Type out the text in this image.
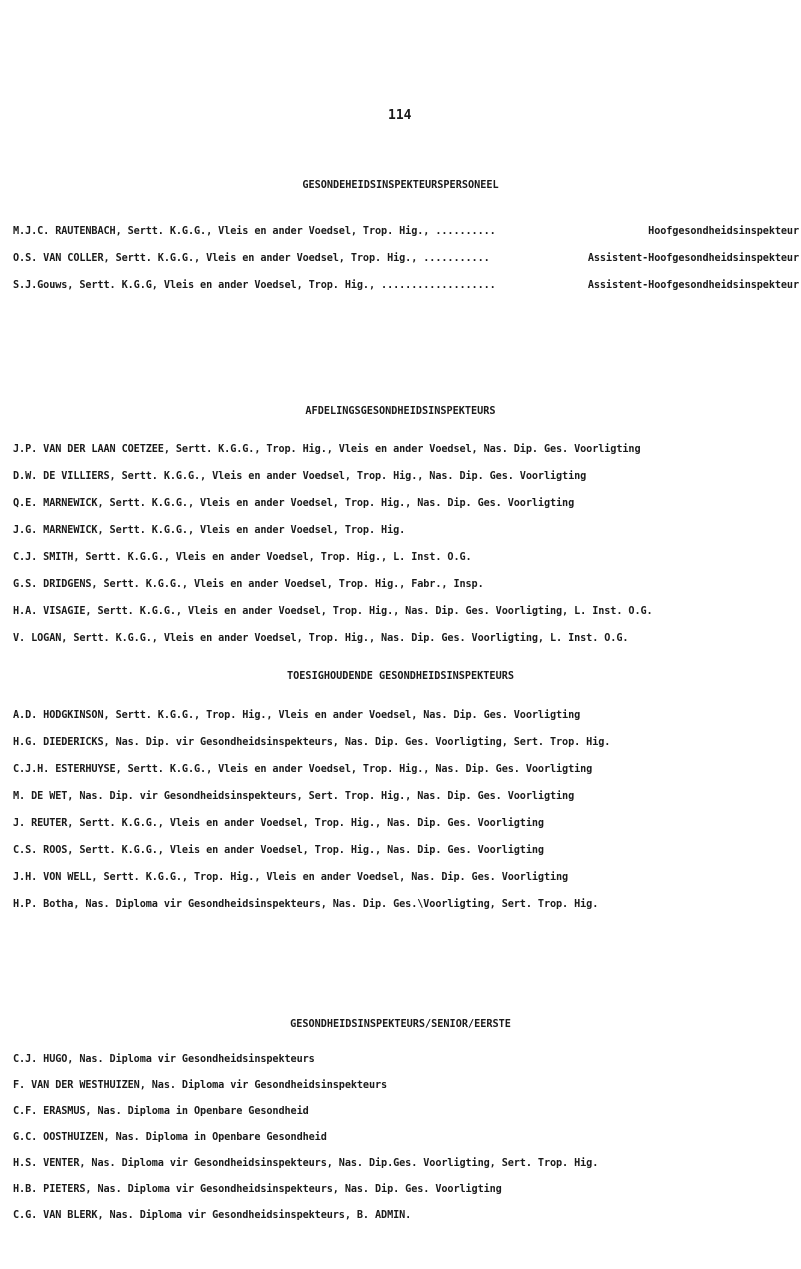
114
GESONDEHEIDSINSPEKTEURSPERSONEEL
M.J.C. RAUTENBACH, Sertt. K.G.G., Vleis en ander Voedsel, Trop. Hig., ..........	Hoofgesondheidsinspekteur
O.S. VAN COLLER, Sertt. K.G.G., Vleis en ander Voedsel, Trop. Hig., ...........	Assistent-Hoofgesondheidsinspekteur
S.J.Gouws, Sertt. K.G.G, Vleis en ander Voedsel, Trop. Hig., ...................	Assistent-Hoofgesondheidsinspekteur
AFDELINGSGESONDHEIDSINSPEKTEURS
J.P. VAN DER LAAN COETZEE, Sertt. K.G.G., Trop. Hig., Vleis en ander Voedsel, Nas. Dip. Ges. Voorligting
D.W. DE VILLIERS, Sertt. K.G.G., Vleis en ander Voedsel, Trop. Hig., Nas. Dip. Ges. Voorligting
Q.E. MARNEWICK, Sertt. K.G.G., Vleis en ander Voedsel, Trop. Hig., Nas. Dip. Ges. Voorligting
J.G. MARNEWICK, Sertt. K.G.G., Vleis en ander Voedsel, Trop. Hig.
C.J. SMITH, Sertt. K.G.G., Vleis en ander Voedsel, Trop. Hig., L. Inst. O.G.
G.S. DRIDGENS, Sertt. K.G.G., Vleis en ander Voedsel, Trop. Hig., Fabr., Insp.
H.A. VISAGIE, Sertt. K.G.G., Vleis en ander Voedsel, Trop. Hig., Nas. Dip. Ges. Voorligting, L. Inst. O.G.
V. LOGAN, Sertt. K.G.G., Vleis en ander Voedsel, Trop. Hig., Nas. Dip. Ges. Voorligting, L. Inst. O.G.
TOESIGHOUDENDE GESONDHEIDSINSPEKTEURS
A.D. HODGKINSON, Sertt. K.G.G., Trop. Hig., Vleis en ander Voedsel, Nas. Dip. Ges. Voorligting
H.G. DIEDERICKS, Nas. Dip. vir Gesondheidsinspekteurs, Nas. Dip. Ges. Voorligting, Sert. Trop. Hig.
C.J.H. ESTERHUYSE, Sertt. K.G.G., Vleis en ander Voedsel, Trop. Hig., Nas. Dip. Ges. Voorligting
M. DE WET, Nas. Dip. vir Gesondheidsinspekteurs, Sert. Trop. Hig., Nas. Dip. Ges. Voorligting
J. REUTER, Sertt. K.G.G., Vleis en ander Voedsel, Trop. Hig., Nas. Dip. Ges. Voorligting
C.S. ROOS, Sertt. K.G.G., Vleis en ander Voedsel, Trop. Hig., Nas. Dip. Ges. Voorligting
J.H. VON WELL, Sertt. K.G.G., Trop. Hig., Vleis en ander Voedsel, Nas. Dip. Ges. Voorligting
H.P. Botha, Nas. Diploma vir Gesondheidsinspekteurs, Nas. Dip. Ges.\Voorligting, Sert. Trop. Hig.
GESONDHEIDSINSPEKTEURS/SENIOR/EERSTE
C.J. HUGO, Nas. Diploma vir Gesondheidsinspekteurs
F. VAN DER WESTHUIZEN, Nas. Diploma vir Gesondheidsinspekteurs
C.F. ERASMUS, Nas. Diploma in Openbare Gesondheid
G.C. OOSTHUIZEN, Nas. Diploma in Openbare Gesondheid
H.S. VENTER, Nas. Diploma vir Gesondheidsinspekteurs, Nas. Dip.Ges. Voorligting, Sert. Trop. Hig.
H.B. PIETERS, Nas. Diploma vir Gesondheidsinspekteurs, Nas. Dip. Ges. Voorligting
C.G. VAN BLERK, Nas. Diploma vir Gesondheidsinspekteurs, B. ADMIN.
